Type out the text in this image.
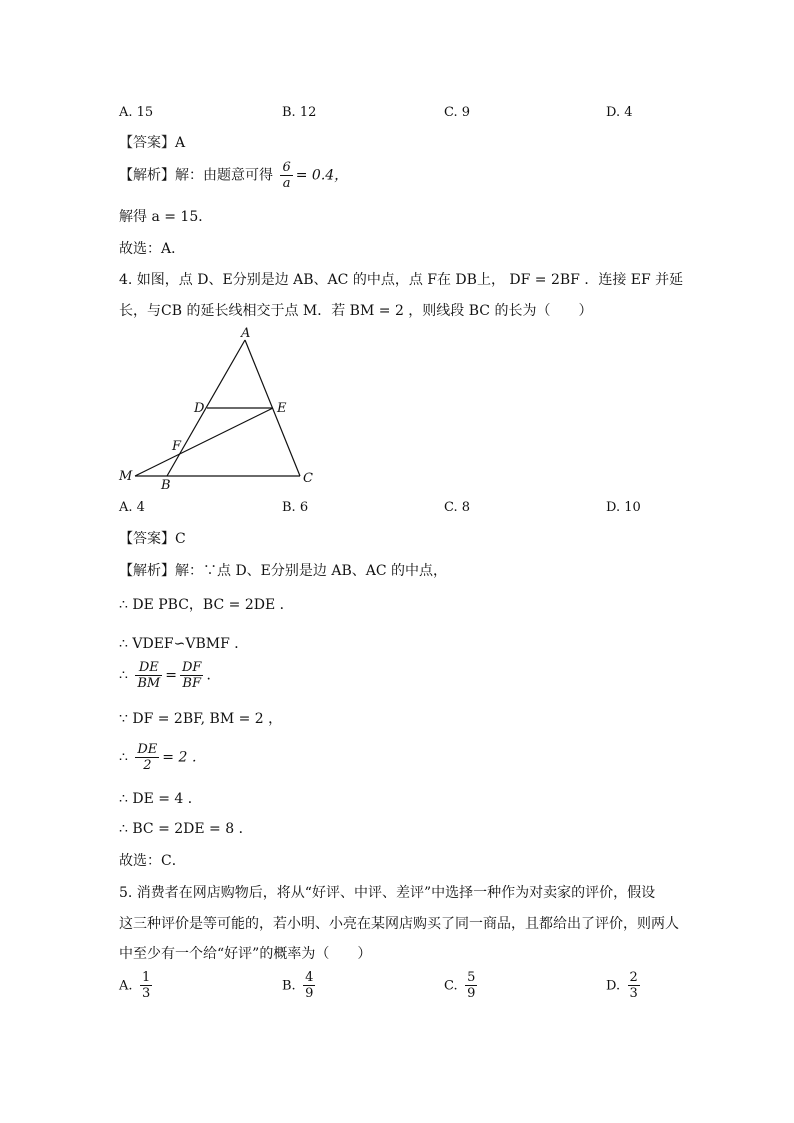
A. 15	B. 12	C. 9	D. 4
【答案】A
【解析】解：由题意可得 $\frac{6}{a} = 0.4$，
解得 a = 15．
故选：A．
4. 如图，点 D、E分别是边 AB、AC 的中点，点 F在 DB上， DF = 2BF ．连接 EF 并延
长，与CB 的延长线相交于点 M．若 BM = 2 ，则线段 BC 的长为（　　）
A
D	E
F
M
B	C
A. 4	B. 6	C. 8	D. 10
【答案】C
【解析】解：∵点 D、E分别是边 AB、AC 的中点，
∴ DE PBC，BC = 2DE ．
∴ VDEF∽VBMF ．
∴ $\frac{DE}{BM} = \frac{DF}{BF}$ ．
∵ DF = 2BF, BM = 2 ，
∴ $\frac{DE}{2} = 2$ ．
∴ DE = 4 ．
∴ BC = 2DE = 8 ．
故选：C．
5. 消费者在网店购物后，将从“好评、中评、差评”中选择一种作为对卖家的评价，假设
这三种评价是等可能的，若小明、小亮在某网店购买了同一商品，且都给出了评价，则两人
中至少有一个给“好评”的概率为（　　）
A. $\frac{1}{3}$	B. $\frac{4}{9}$	C. $\frac{5}{9}$	D. $\frac{2}{3}$
